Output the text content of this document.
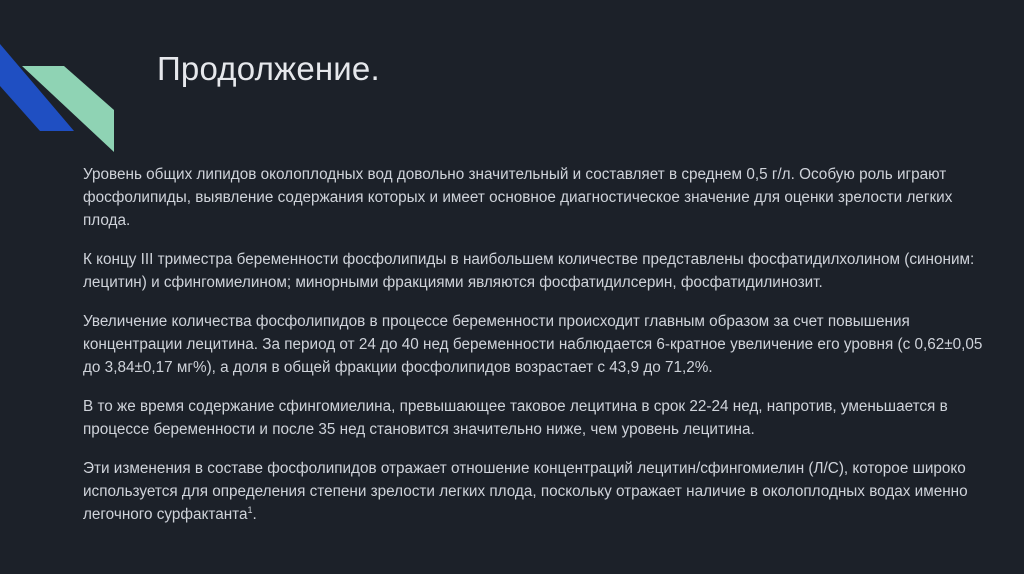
Продолжение.

Уровень общих липидов околоплодных вод довольно значительный и составляет в среднем 0,5 г/л. Особую роль играют фосфолипиды, выявление содержания которых и имеет основное диагностическое значение для оценки зрелости легких плода.

К концу III триместра беременности фосфолипиды в наибольшем количестве представлены фосфатидилхолином (синоним: лецитин) и сфингомиелином; минорными фракциями являются фосфатидилсерин, фосфатидилинозит.

Увеличение количества фосфолипидов в процессе беременности происходит главным образом за счет повышения концентрации лецитина. За период от 24 до 40 нед беременности наблюдается 6-кратное увеличение его уровня (с 0,62±0,05 до 3,84±0,17 мг%), а доля в общей фракции фосфолипидов возрастает с 43,9 до 71,2%.

В то же время содержание сфингомиелина, превышающее таковое лецитина в срок 22-24 нед, напротив, уменьшается в процессе беременности и после 35 нед становится значительно ниже, чем уровень лецитина.

Эти изменения в составе фосфолипидов отражает отношение концентраций лецитин/сфингомиелин (Л/С), которое широко используется для определения степени зрелости легких плода, поскольку отражает наличие в околоплодных водах именно легочного сурфактанта$^1$.
